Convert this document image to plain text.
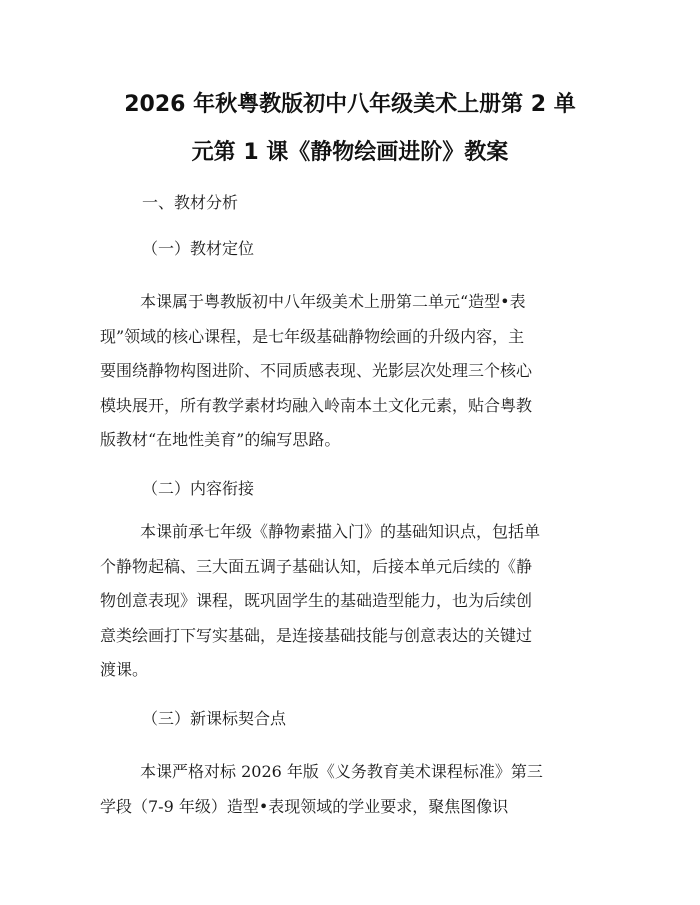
2026 年秋粤教版初中八年级美术上册第 2 单
元第 1 课《静物绘画进阶》教案
一、教材分析
（一）教材定位
本课属于粤教版初中八年级美术上册第二单元“造型•表
现”领域的核心课程，是七年级基础静物绘画的升级内容，主
要围绕静物构图进阶、不同质感表现、光影层次处理三个核心
模块展开，所有教学素材均融入岭南本土文化元素，贴合粤教
版教材“在地性美育”的编写思路。
（二）内容衔接
本课前承七年级《静物素描入门》的基础知识点，包括单
个静物起稿、三大面五调子基础认知，后接本单元后续的《静
物创意表现》课程，既巩固学生的基础造型能力，也为后续创
意类绘画打下写实基础，是连接基础技能与创意表达的关键过
渡课。
（三）新课标契合点
本课严格对标 2026 年版《义务教育美术课程标准》第三
学段（7-9 年级）造型•表现领域的学业要求，聚焦图像识
